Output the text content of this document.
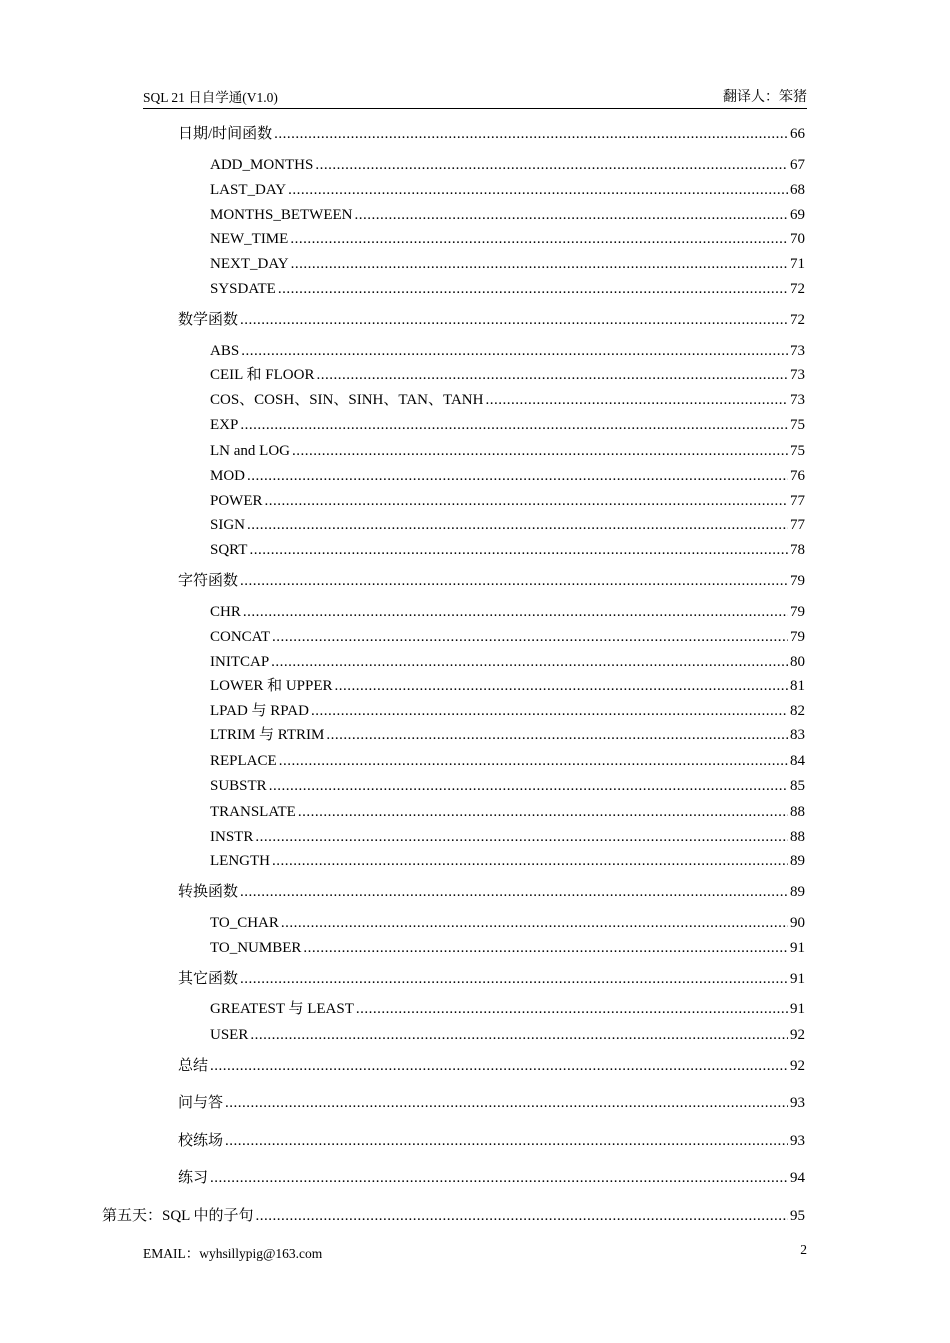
SQL 21 日自学通(V1.0)	翻译人：笨猪
日期/时间函数 .....	66
ADD_MONTHS .....	67
LAST_DAY .....	68
MONTHS_BETWEEN .....	69
NEW_TIME .....	70
NEXT_DAY .....	71
SYSDATE .....	72
数学函数 .....	72
ABS .....	73
CEIL 和 FLOOR .....	73
COS、COSH、SIN、SINH、TAN、TANH .....	73
EXP .....	75
LN and LOG .....	75
MOD .....	76
POWER .....	77
SIGN .....	77
SQRT .....	78
字符函数 .....	79
CHR .....	79
CONCAT .....	79
INITCAP .....	80
LOWER 和 UPPER .....	81
LPAD 与 RPAD .....	82
LTRIM 与 RTRIM .....	83
REPLACE .....	84
SUBSTR .....	85
TRANSLATE .....	88
INSTR .....	88
LENGTH .....	89
转换函数 .....	89
TO_CHAR .....	90
TO_NUMBER .....	91
其它函数 .....	91
GREATEST 与 LEAST .....	91
USER .....	92
总结 .....	92
问与答 .....	93
校练场 .....	93
练习 .....	94
第五天：SQL 中的子句 .....	95
EMAIL：wyhsillypig@163.com	2
